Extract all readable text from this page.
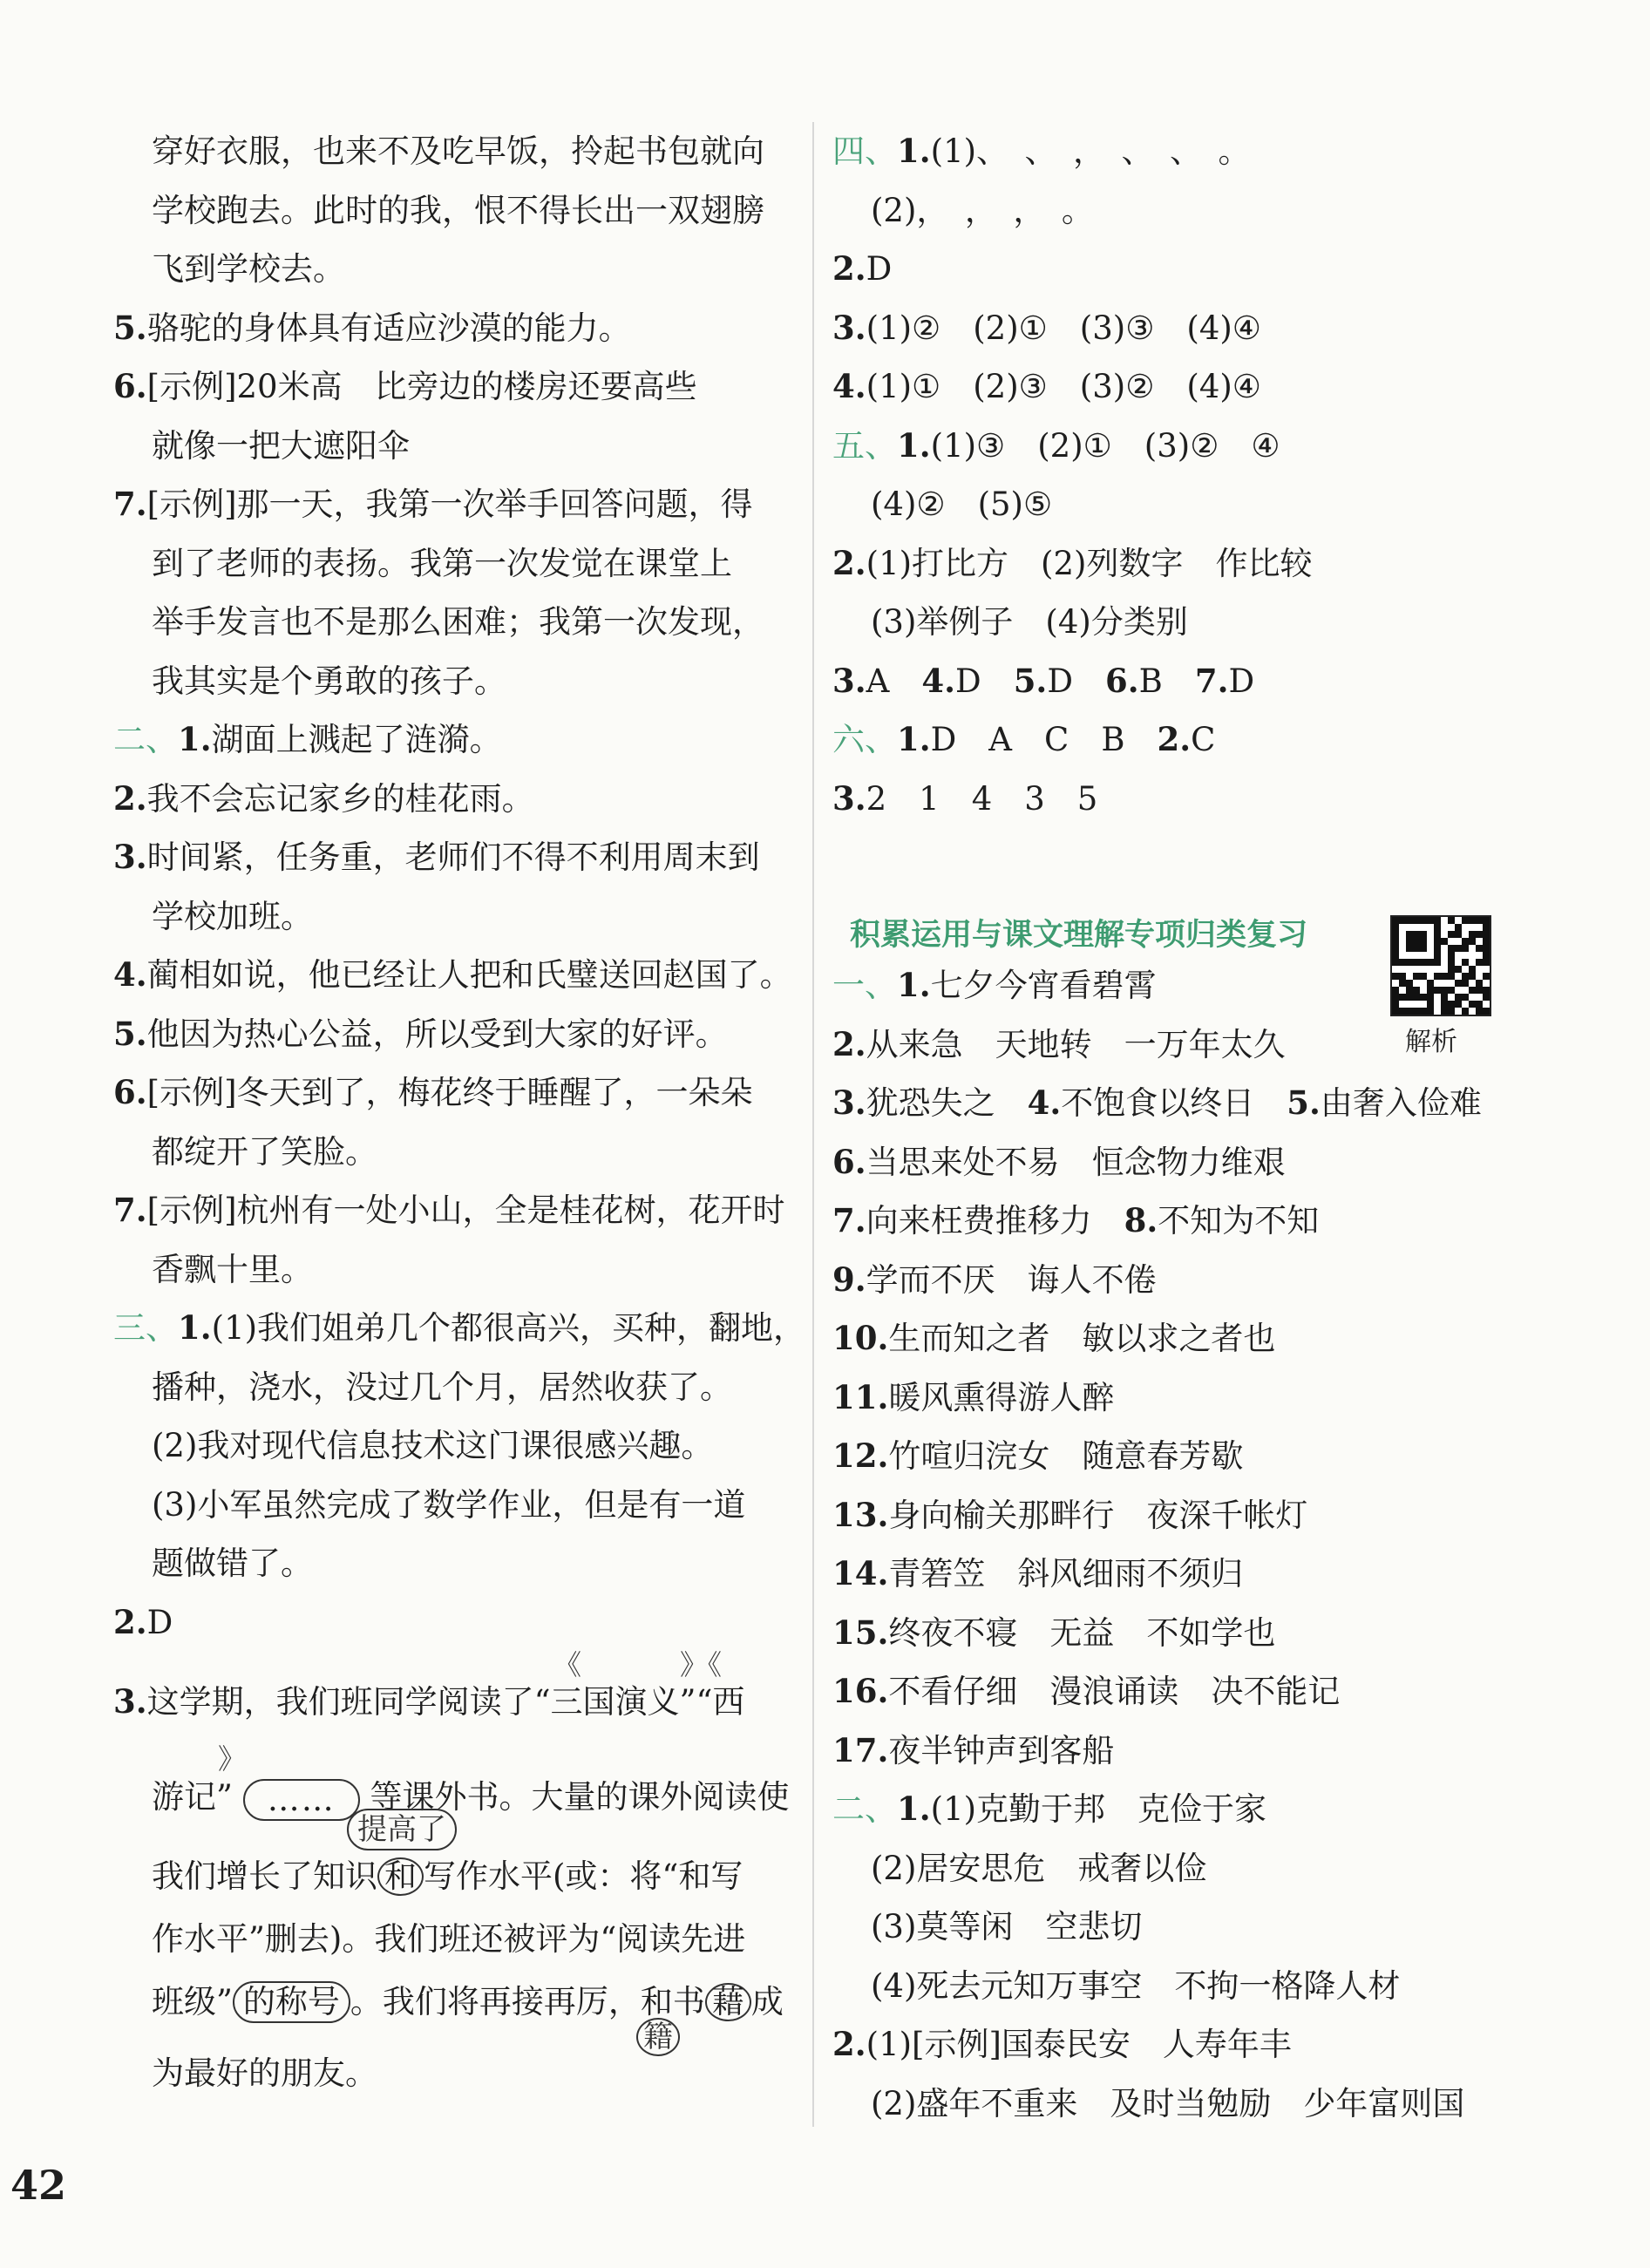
穿好衣服，也来不及吃早饭，拎起书包就向
学校跑去。此时的我，恨不得长出一双翅膀
飞到学校去。
5.骆驼的身体具有适应沙漠的能力。
6.[示例]20米高　比旁边的楼房还要高些
就像一把大遮阳伞
7.[示例]那一天，我第一次举手回答问题，得
到了老师的表扬。我第一次发觉在课堂上
举手发言也不是那么困难；我第一次发现，
我其实是个勇敢的孩子。
二、1.湖面上溅起了涟漪。
2.我不会忘记家乡的桂花雨。
3.时间紧，任务重，老师们不得不利用周末到
学校加班。
4.蔺相如说，他已经让人把和氏璧送回赵国了。
5.他因为热心公益，所以受到大家的好评。
6.[示例]冬天到了，梅花终于睡醒了，一朵朵
都绽开了笑脸。
7.[示例]杭州有一处小山，全是桂花树，花开时
香飘十里。
三、1.(1)我们姐弟几个都很高兴，买种，翻地，
播种，浇水，没过几个月，居然收获了。
(2)我对现代信息技术这门课很感兴趣。
(3)小军虽然完成了数学作业，但是有一道
题做错了。
2.D
3.这学期，我们班同学阅读了“三国演义”“西
《	》《
游记” …… 等课外书。大量的课外阅读使
》
提高了
我们增长了知识 和 写作水平(或：将“和写
作水平”删去)。我们班还被评为“阅读先进
班级” 的称号 。我们将再接再厉，和书 藉 成
籍
为最好的朋友。
四、1.(1)、　、　，　、　、　。
(2)，　，　，　。
2.D
3.(1)②　(2)①　(3)③　(4)④
4.(1)①　(2)③　(3)②　(4)④
五、1.(1)③　(2)①　(3)②　④
(4)②　(5)⑤
2.(1)打比方　(2)列数字　作比较
(3)举例子　(4)分类别
3.A　4.D　5.D　6.B　7.D
六、1.D　A　C　B　2.C
3.2　1　4　3　5
积累运用与课文理解专项归类复习
解析
一、1.七夕今宵看碧霄
2.从来急　天地转　一万年太久
3.犹恐失之　4.不饱食以终日　5.由奢入俭难
6.当思来处不易　恒念物力维艰
7.向来枉费推移力　8.不知为不知
9.学而不厌　诲人不倦
10.生而知之者　敏以求之者也
11.暖风熏得游人醉
12.竹喧归浣女　随意春芳歇
13.身向榆关那畔行　夜深千帐灯
14.青箬笠　斜风细雨不须归
15.终夜不寝　无益　不如学也
16.不看仔细　漫浪诵读　决不能记
17.夜半钟声到客船
二、1.(1)克勤于邦　克俭于家
(2)居安思危　戒奢以俭
(3)莫等闲　空悲切
(4)死去元知万事空　不拘一格降人材
2.(1)[示例]国泰民安　人寿年丰
(2)盛年不重来　及时当勉励　少年富则国
42
